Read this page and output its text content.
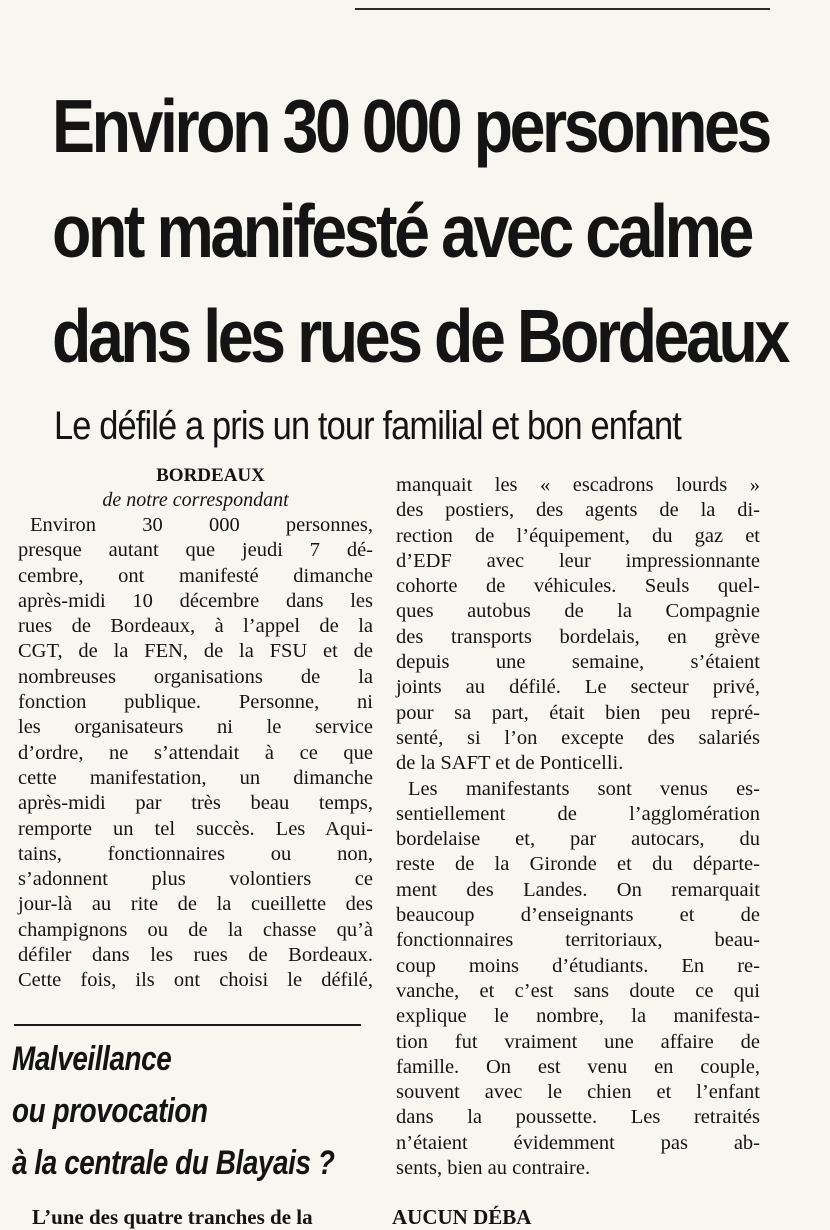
Environ 30 000 personnes
ont manifesté avec calme
dans les rues de Bordeaux
Le défilé a pris un tour familial et bon enfant
BORDEAUX
de notre correspondant

Environ 30 000 personnes,

presque autant que jeudi 7 dé-

cembre, ont manifesté dimanche

après-midi 10 décembre dans les

rues de Bordeaux, à l’appel de la

CGT, de la FEN, de la FSU et de

nombreuses organisations de la

fonction publique. Personne, ni

les organisateurs ni le service

d’ordre, ne s’attendait à ce que

cette manifestation, un dimanche

après-midi par très beau temps,

remporte un tel succès. Les Aqui-

tains, fonctionnaires ou non,

s’adonnent plus volontiers ce

jour-là au rite de la cueillette des

champignons ou de la chasse qu’à

défiler dans les rues de Bordeaux.

Cette fois, ils ont choisi le défilé,

manquait les « escadrons lourds »

des postiers, des agents de la di-

rection de l’équipement, du gaz et

d’EDF avec leur impressionnante

cohorte de véhicules. Seuls quel-

ques autobus de la Compagnie

des transports bordelais, en grève

depuis une semaine, s’étaient

joints au défilé. Le secteur privé,

pour sa part, était bien peu repré-

senté, si l’on excepte des salariés

de la SAFT et de Ponticelli.

Les manifestants sont venus es-

sentiellement de l’agglomération

bordelaise et, par autocars, du

reste de la Gironde et du départe-

ment des Landes. On remarquait

beaucoup d’enseignants et de

fonctionnaires territoriaux, beau-

coup moins d’étudiants. En re-

vanche, et c’est sans doute ce qui

explique le nombre, la manifesta-

tion fut vraiment une affaire de

famille. On est venu en couple,

souvent avec le chien et l’enfant

dans la poussette. Les retraités

n’étaient évidemment pas ab-

sents, bien au contraire.

Malveillance
ou provocation
à la centrale du Blayais ?
L’une des quatre tranches de la	AUCUN DÉBA
